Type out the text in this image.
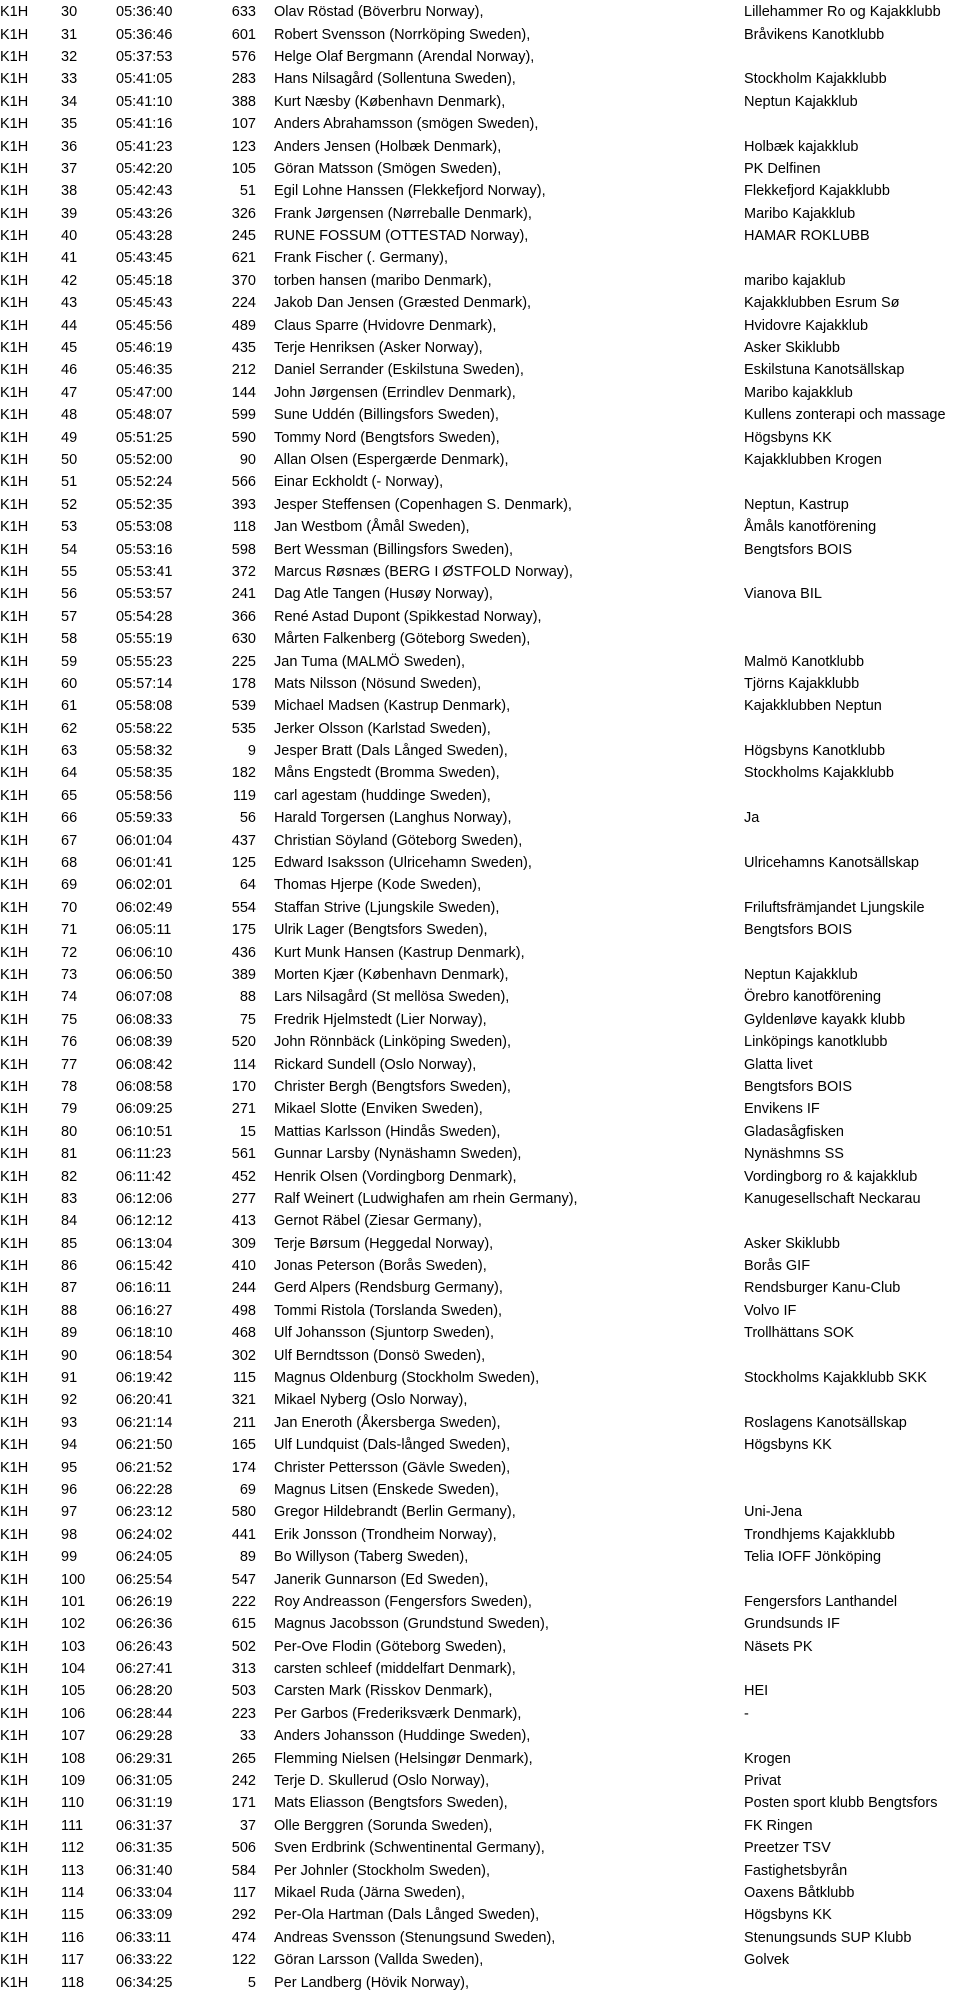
K1H	30	05:36:40	633	Olav Röstad (Böverbru Norway),	Lillehammer Ro og Kajakklubb
K1H	31	05:36:46	601	Robert Svensson (Norrköping Sweden),	Bråvikens Kanotklubb
K1H	32	05:37:53	576	Helge Olaf Bergmann (Arendal Norway),	
K1H	33	05:41:05	283	Hans Nilsagård (Sollentuna Sweden),	Stockholm Kajakklubb
K1H	34	05:41:10	388	Kurt Næsby (København Denmark),	Neptun Kajakklub
K1H	35	05:41:16	107	Anders Abrahamsson (smögen Sweden),	
K1H	36	05:41:23	123	Anders Jensen (Holbæk Denmark),	Holbæk kajakklub
K1H	37	05:42:20	105	Göran Matsson (Smögen Sweden),	PK Delfinen
K1H	38	05:42:43	51	Egil Lohne Hanssen (Flekkefjord Norway),	Flekkefjord Kajakklubb
K1H	39	05:43:26	326	Frank Jørgensen (Nørreballe Denmark),	Maribo Kajakklub
K1H	40	05:43:28	245	RUNE FOSSUM (OTTESTAD Norway),	HAMAR ROKLUBB
K1H	41	05:43:45	621	Frank Fischer (. Germany),	
K1H	42	05:45:18	370	torben hansen (maribo Denmark),	maribo kajaklub
K1H	43	05:45:43	224	Jakob Dan Jensen (Græsted Denmark),	Kajakklubben Esrum Sø
K1H	44	05:45:56	489	Claus Sparre (Hvidovre Denmark),	Hvidovre Kajakklub
K1H	45	05:46:19	435	Terje Henriksen (Asker Norway),	Asker Skiklubb
K1H	46	05:46:35	212	Daniel Serrander (Eskilstuna Sweden),	Eskilstuna Kanotsällskap
K1H	47	05:47:00	144	John Jørgensen (Errindlev Denmark),	Maribo kajakklub
K1H	48	05:48:07	599	Sune Uddén (Billingsfors Sweden),	Kullens zonterapi och massage
K1H	49	05:51:25	590	Tommy Nord (Bengtsfors Sweden),	Högsbyns KK
K1H	50	05:52:00	90	Allan Olsen (Espergærde Denmark),	Kajakklubben Krogen
K1H	51	05:52:24	566	Einar Eckholdt (- Norway),	
K1H	52	05:52:35	393	Jesper Steffensen (Copenhagen S. Denmark),	Neptun, Kastrup
K1H	53	05:53:08	118	Jan Westbom (Åmål Sweden),	Åmåls kanotförening
K1H	54	05:53:16	598	Bert Wessman (Billingsfors Sweden),	Bengtsfors BOIS
K1H	55	05:53:41	372	Marcus Røsnæs (BERG I ØSTFOLD Norway),	
K1H	56	05:53:57	241	Dag Atle Tangen (Husøy Norway),	Vianova BIL
K1H	57	05:54:28	366	René Astad Dupont (Spikkestad Norway),	
K1H	58	05:55:19	630	Mårten Falkenberg (Göteborg Sweden),	
K1H	59	05:55:23	225	Jan Tuma (MALMÖ Sweden),	Malmö Kanotklubb
K1H	60	05:57:14	178	Mats Nilsson (Nösund Sweden),	Tjörns Kajakklubb
K1H	61	05:58:08	539	Michael Madsen (Kastrup Denmark),	Kajakklubben Neptun
K1H	62	05:58:22	535	Jerker Olsson (Karlstad Sweden),	
K1H	63	05:58:32	9	Jesper Bratt (Dals Långed Sweden),	Högsbyns Kanotklubb
K1H	64	05:58:35	182	Måns Engstedt (Bromma Sweden),	Stockholms Kajakklubb
K1H	65	05:58:56	119	carl agestam (huddinge Sweden),	
K1H	66	05:59:33	56	Harald Torgersen (Langhus Norway),	Ja
K1H	67	06:01:04	437	Christian Söyland (Göteborg Sweden),	
K1H	68	06:01:41	125	Edward Isaksson (Ulricehamn Sweden),	Ulricehamns Kanotsällskap
K1H	69	06:02:01	64	Thomas Hjerpe (Kode Sweden),	
K1H	70	06:02:49	554	Staffan Strive (Ljungskile Sweden),	Friluftsfrämjandet Ljungskile
K1H	71	06:05:11	175	Ulrik Lager (Bengtsfors Sweden),	Bengtsfors BOIS
K1H	72	06:06:10	436	Kurt Munk Hansen (Kastrup Denmark),	
K1H	73	06:06:50	389	Morten Kjær (København Denmark),	Neptun Kajakklub
K1H	74	06:07:08	88	Lars Nilsagård (St mellösa Sweden),	Örebro kanotförening
K1H	75	06:08:33	75	Fredrik Hjelmstedt (Lier Norway),	Gyldenløve kayakk klubb
K1H	76	06:08:39	520	John Rönnbäck (Linköping Sweden),	Linköpings kanotklubb
K1H	77	06:08:42	114	Rickard Sundell (Oslo Norway),	Glatta livet
K1H	78	06:08:58	170	Christer Bergh (Bengtsfors Sweden),	Bengtsfors BOIS
K1H	79	06:09:25	271	Mikael Slotte (Enviken Sweden),	Envikens IF
K1H	80	06:10:51	15	Mattias Karlsson (Hindås Sweden),	Gladasågfisken
K1H	81	06:11:23	561	Gunnar Larsby (Nynäshamn Sweden),	Nynäshmns SS
K1H	82	06:11:42	452	Henrik Olsen (Vordingborg Denmark),	Vordingborg ro & kajakklub
K1H	83	06:12:06	277	Ralf Weinert (Ludwighafen am rhein Germany),	Kanugesellschaft Neckarau
K1H	84	06:12:12	413	Gernot Räbel (Ziesar Germany),	
K1H	85	06:13:04	309	Terje Børsum (Heggedal Norway),	Asker Skiklubb
K1H	86	06:15:42	410	Jonas Peterson (Borås Sweden),	Borås GIF
K1H	87	06:16:11	244	Gerd Alpers (Rendsburg Germany),	Rendsburger Kanu-Club
K1H	88	06:16:27	498	Tommi Ristola (Torslanda Sweden),	Volvo IF
K1H	89	06:18:10	468	Ulf Johansson (Sjuntorp Sweden),	Trollhättans SOK
K1H	90	06:18:54	302	Ulf Berndtsson (Donsö Sweden),	
K1H	91	06:19:42	115	Magnus Oldenburg (Stockholm Sweden),	Stockholms Kajakklubb SKK
K1H	92	06:20:41	321	Mikael Nyberg (Oslo Norway),	
K1H	93	06:21:14	211	Jan Eneroth (Åkersberga Sweden),	Roslagens Kanotsällskap
K1H	94	06:21:50	165	Ulf Lundquist (Dals-långed Sweden),	Högsbyns KK
K1H	95	06:21:52	174	Christer Pettersson (Gävle Sweden),	
K1H	96	06:22:28	69	Magnus Litsen (Enskede Sweden),	
K1H	97	06:23:12	580	Gregor Hildebrandt (Berlin Germany),	Uni-Jena
K1H	98	06:24:02	441	Erik Jonsson (Trondheim Norway),	Trondhjems Kajakklubb
K1H	99	06:24:05	89	Bo Willyson (Taberg Sweden),	Telia IOFF Jönköping
K1H	100	06:25:54	547	Janerik Gunnarson (Ed Sweden),	
K1H	101	06:26:19	222	Roy Andreasson (Fengersfors Sweden),	Fengersfors Lanthandel
K1H	102	06:26:36	615	Magnus Jacobsson (Grundstund Sweden),	Grundsunds IF
K1H	103	06:26:43	502	Per-Ove Flodin (Göteborg Sweden),	Näsets PK
K1H	104	06:27:41	313	carsten schleef (middelfart Denmark),	
K1H	105	06:28:20	503	Carsten Mark (Risskov Denmark),	HEI
K1H	106	06:28:44	223	Per Garbos (Frederiksværk Denmark),	-
K1H	107	06:29:28	33	Anders Johansson (Huddinge Sweden),	
K1H	108	06:29:31	265	Flemming Nielsen (Helsingør Denmark),	Krogen
K1H	109	06:31:05	242	Terje D. Skullerud (Oslo Norway),	Privat
K1H	110	06:31:19	171	Mats Eliasson (Bengtsfors Sweden),	Posten sport klubb Bengtsfors
K1H	111	06:31:37	37	Olle Berggren (Sorunda Sweden),	FK Ringen
K1H	112	06:31:35	506	Sven Erdbrink (Schwentinental Germany),	Preetzer TSV
K1H	113	06:31:40	584	Per Johnler (Stockholm Sweden),	Fastighetsbyrån
K1H	114	06:33:04	117	Mikael Ruda (Järna Sweden),	Oaxens Båtklubb
K1H	115	06:33:09	292	Per-Ola Hartman (Dals Långed Sweden),	Högsbyns KK
K1H	116	06:33:11	474	Andreas Svensson (Stenungsund Sweden),	Stenungsunds SUP Klubb
K1H	117	06:33:22	122	Göran Larsson (Vallda Sweden),	Golvek
K1H	118	06:34:25	5	Per Landberg (Hövik Norway),	
